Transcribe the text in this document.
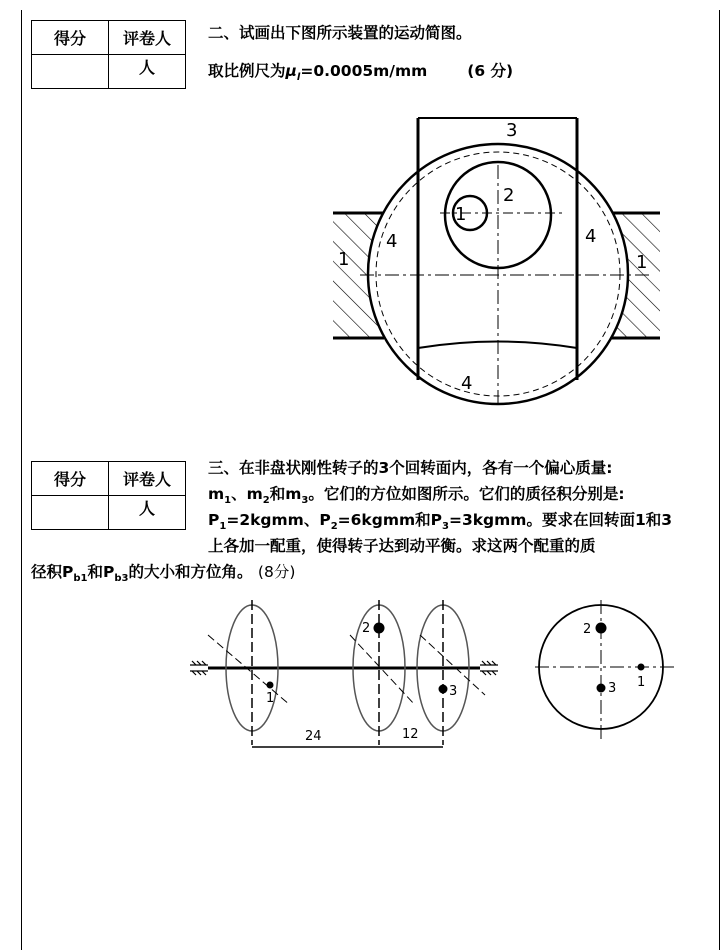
得分	评卷人
	人
二、试画出下图所示装置的运动简图。
取比例尺为$\mu_l=0.0005m/mm$	(6 分)
3
2
1
4	4
1	1
4
得分	评卷人
	人
三、在非盘状刚性转子的3个回转面内，各有一个偏心质量:
$m_1$、$m_2$和$m_3$。它们的方位如图所示。它们的质径积分别是:
$P_1=2kgmm$、$P_2=6kgmm$和$P_3=3kgmm$。要求在回转面1和3
上各加一配重，使得转子达到动平衡。求这两个配重的质
径积$P_{b1}$和$P_{b3}$的大小和方位角。 (8分)
1
2
3
24	12
2
3 1
